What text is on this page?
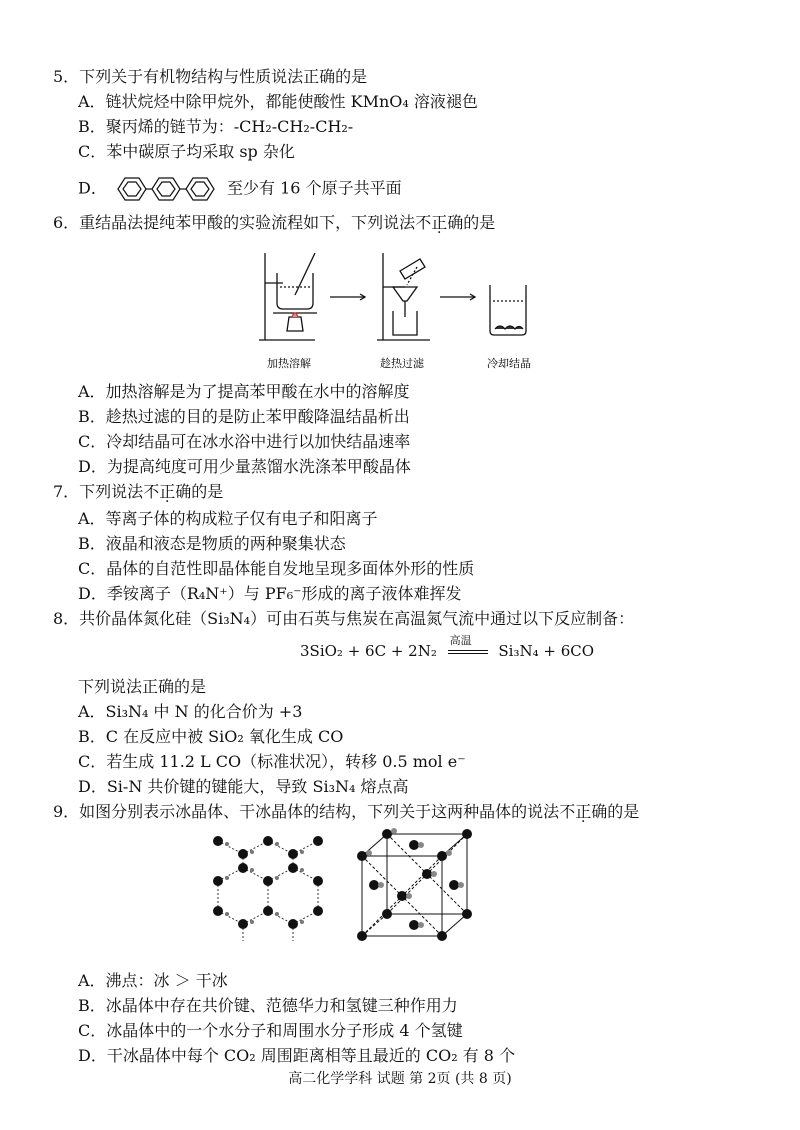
5．下列关于有机物结构与性质说法正确的是
A．链状烷烃中除甲烷外，都能使酸性 KMnO₄ 溶液褪色
B．聚丙烯的链节为：-CH₂-CH₂-CH₂-
C．苯中碳原子均采取 sp 杂化
D．	至少有 16 个原子共平面
6．重结晶法提纯苯甲酸的实验流程如下，下列说法不正确的是
加热溶解	趁热过滤	冷却结晶
A．加热溶解是为了提高苯甲酸在水中的溶解度
B．趁热过滤的目的是防止苯甲酸降温结晶析出
C．冷却结晶可在冰水浴中进行以加快结晶速率
D．为提高纯度可用少量蒸馏水洗涤苯甲酸晶体
7．下列说法不正确的是
A．等离子体的构成粒子仅有电子和阳离子
B．液晶和液态是物质的两种聚集状态
C．晶体的自范性即晶体能自发地呈现多面体外形的性质
D．季铵离子（R₄N⁺）与 PF₆⁻形成的离子液体难挥发
8．共价晶体氮化硅（Si₃N₄）可由石英与焦炭在高温氮气流中通过以下反应制备：
3SiO₂ + 6C + 2N₂
高温
Si₃N₄ + 6CO
下列说法正确的是
A．Si₃N₄ 中 N 的化合价为 +3
B．C 在反应中被 SiO₂ 氧化生成 CO
C．若生成 11.2 L CO（标准状况），转移 0.5 mol e⁻
D．Si-N 共价键的键能大，导致 Si₃N₄ 熔点高
9．如图分别表示冰晶体、干冰晶体的结构，下列关于这两种晶体的说法不正确的是
A．沸点：冰 ＞ 干冰
B．冰晶体中存在共价键、范德华力和氢键三种作用力
C．冰晶体中的一个水分子和周围水分子形成 4 个氢键
D．干冰晶体中每个 CO₂ 周围距离相等且最近的 CO₂ 有 8 个
高二化学学科 试题 第 2页 (共 8 页)
